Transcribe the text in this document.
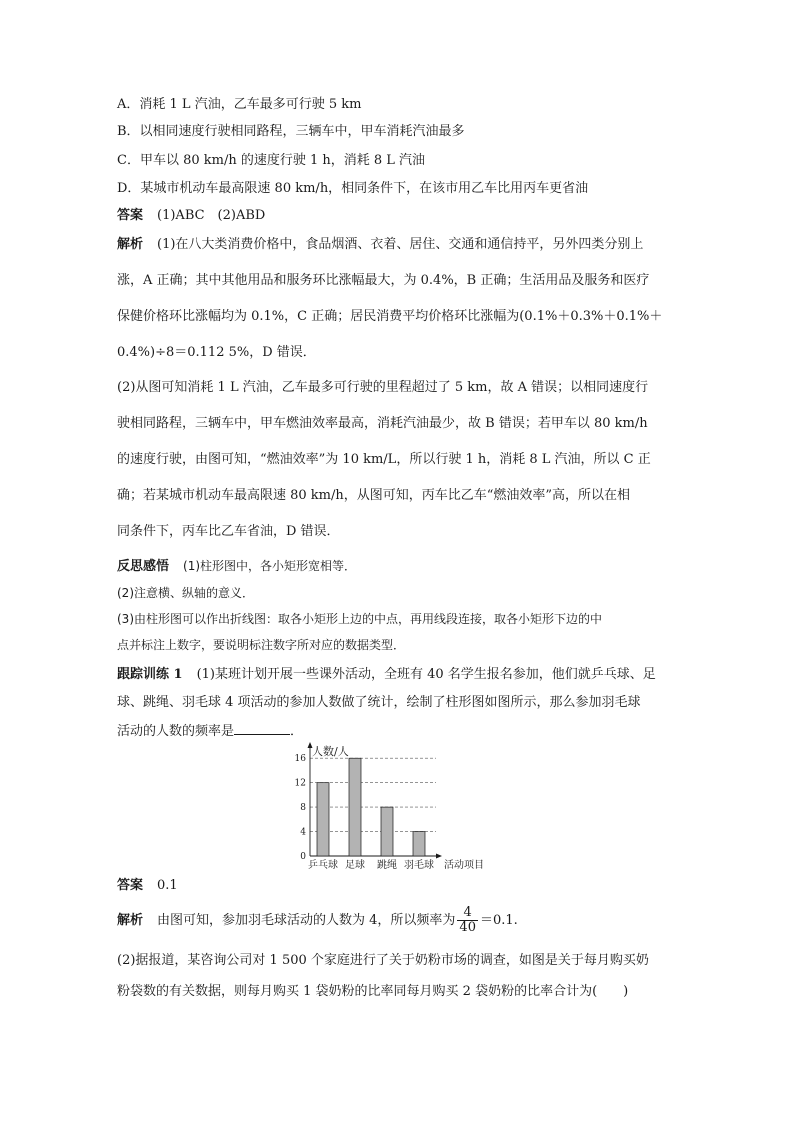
A．消耗 1 L 汽油，乙车最多可行驶 5 km
B．以相同速度行驶相同路程，三辆车中，甲车消耗汽油最多
C．甲车以 80 km/h 的速度行驶 1 h，消耗 8 L 汽油
D．某城市机动车最高限速 80 km/h，相同条件下，在该市用乙车比用丙车更省油
答案 (1)ABC　(2)ABD
解析 (1)在八大类消费价格中，食品烟酒、衣着、居住、交通和通信持平，另外四类分别上
涨，A 正确；其中其他用品和服务环比涨幅最大，为 0.4%，B 正确；生活用品及服务和医疗
保健价格环比涨幅均为 0.1%，C 正确；居民消费平均价格环比涨幅为(0.1%＋0.3%＋0.1%＋
0.4%)÷8＝0.112 5%，D 错误．
(2)从图可知消耗 1 L 汽油，乙车最多可行驶的里程超过了 5 km，故 A 错误；以相同速度行
驶相同路程，三辆车中，甲车燃油效率最高，消耗汽油最少，故 B 错误；若甲车以 80 km/h
的速度行驶，由图可知，“燃油效率”为 10 km/L，所以行驶 1 h，消耗 8 L 汽油，所以 C 正
确；若某城市机动车最高限速 80 km/h，从图可知，丙车比乙车“燃油效率”高，所以在相
同条件下，丙车比乙车省油，D 错误．
反思感悟 (1)柱形图中，各小矩形宽相等．
(2)注意横、纵轴的意义．
(3)由柱形图可以作出折线图：取各小矩形上边的中点，再用线段连接，取各小矩形下边的中
点并标注上数字，要说明标注数字所对应的数据类型．
跟踪训练 1 (1)某班计划开展一些课外活动，全班有 40 名学生报名参加，他们就乒乓球、足
球、跳绳、羽毛球 4 项活动的参加人数做了统计，绘制了柱形图如图所示，那么参加羽毛球
活动的人数的频率是	．
0
4
8
12
16
人数/人
乒乓球 足球 跳绳 羽毛球 活动项目
答案 0.1
解析 由图可知，参加羽毛球活动的人数为 4，所以频率为 $\frac{4}{40} =0.1$.
(2)据报道，某咨询公司对 1 500 个家庭进行了关于奶粉市场的调查，如图是关于每月购买奶
粉袋数的有关数据，则每月购买 1 袋奶粉的比率同每月购买 2 袋奶粉的比率合计为(　　)
